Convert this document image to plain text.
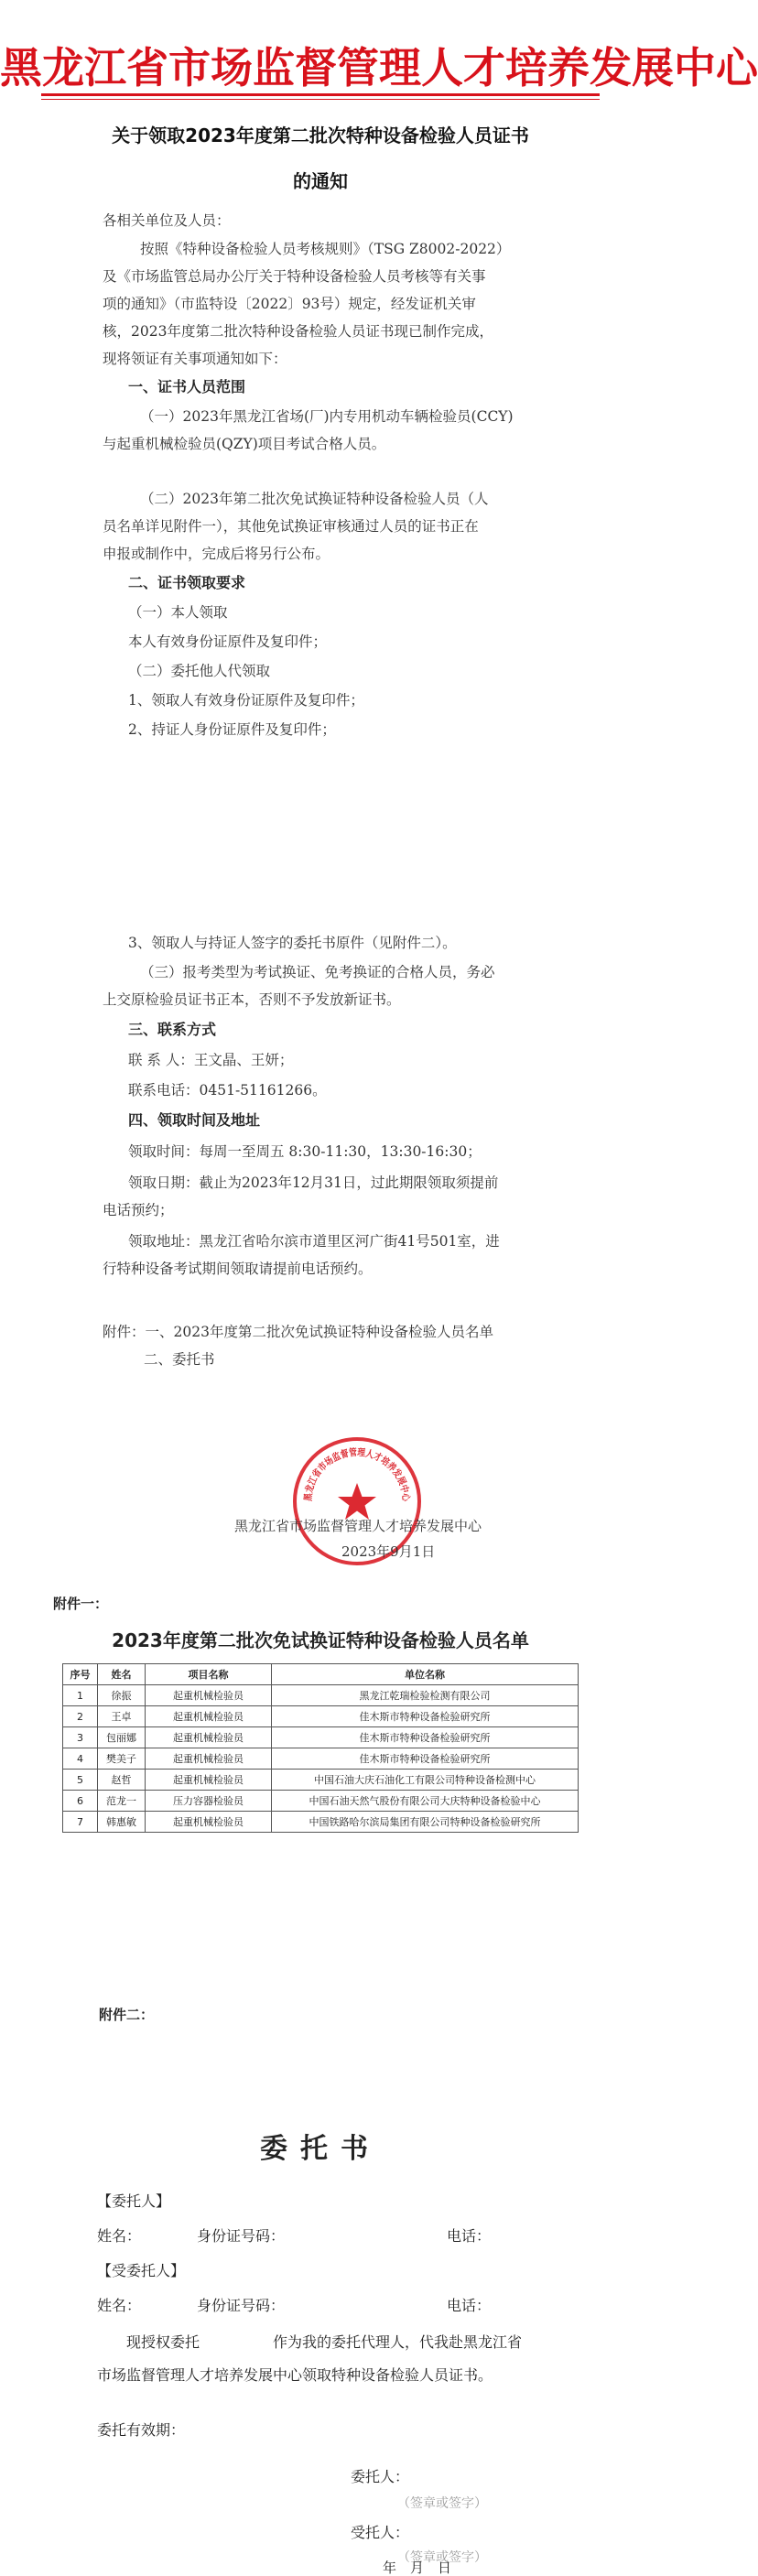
黑龙江省市场监督管理人才培养发展中心
关于领取2023年度第二批次特种设备检验人员证书
的通知
各相关单位及人员：
按照《特种设备检验人员考核规则》（TSG Z8002-2022）
及《市场监管总局办公厅关于特种设备检验人员考核等有关事
项的通知》（市监特设〔2022〕93号）规定，经发证机关审
核，2023年度第二批次特种设备检验人员证书现已制作完成，
现将领证有关事项通知如下：
一、证书人员范围
（一）2023年黑龙江省场(厂)内专用机动车辆检验员(CCY)
与起重机械检验员(QZY)项目考试合格人员。
（二）2023年第二批次免试换证特种设备检验人员（人
员名单详见附件一），其他免试换证审核通过人员的证书正在
申报或制作中，完成后将另行公布。
二、证书领取要求
（一）本人领取
本人有效身份证原件及复印件；
（二）委托他人代领取
1、领取人有效身份证原件及复印件；
2、持证人身份证原件及复印件；
3、领取人与持证人签字的委托书原件（见附件二）。
（三）报考类型为考试换证、免考换证的合格人员，务必
上交原检验员证书正本，否则不予发放新证书。
三、联系方式
联 系 人：王文晶、王妍；
联系电话：0451-51161266。
四、领取时间及地址
领取时间：每周一至周五 8:30-11:30，13:30-16:30；
领取日期：截止为2023年12月31日，过此期限领取须提前
电话预约；
领取地址：黑龙江省哈尔滨市道里区河广街41号501室，进
行特种设备考试期间领取请提前电话预约。
附件：一、2023年度第二批次免试换证特种设备检验人员名单
二、委托书
黑龙江省市场监督管理人才培养发展中心
黑龙江省市场监督管理人才培养发展中心
2023年9月1日
附件一：
2023年度第二批次免试换证特种设备检验人员名单
序号	姓名	项目名称	单位名称
1	徐振	起重机械检验员	黑龙江乾瑞检验检测有限公司
2	王卓	起重机械检验员	佳木斯市特种设备检验研究所
3	包丽娜	起重机械检验员	佳木斯市特种设备检验研究所
4	樊美子	起重机械检验员	佳木斯市特种设备检验研究所
5	赵哲	起重机械检验员	中国石油大庆石油化工有限公司特种设备检测中心
6	范龙一	压力容器检验员	中国石油天然气股份有限公司大庆特种设备检验中心
7	韩惠敏	起重机械检验员	中国铁路哈尔滨局集团有限公司特种设备检验研究所
附件二：
委托书
【委托人】
姓名：	身份证号码：	电话：
【受委托人】
姓名：	身份证号码：	电话：
现授权委托　　　　　作为我的委托代理人，代我赴黑龙江省
市场监督管理人才培养发展中心领取特种设备检验人员证书。
委托有效期：
委托人：
（签章或签字）
受托人：
（签章或签字）
年　月　日
